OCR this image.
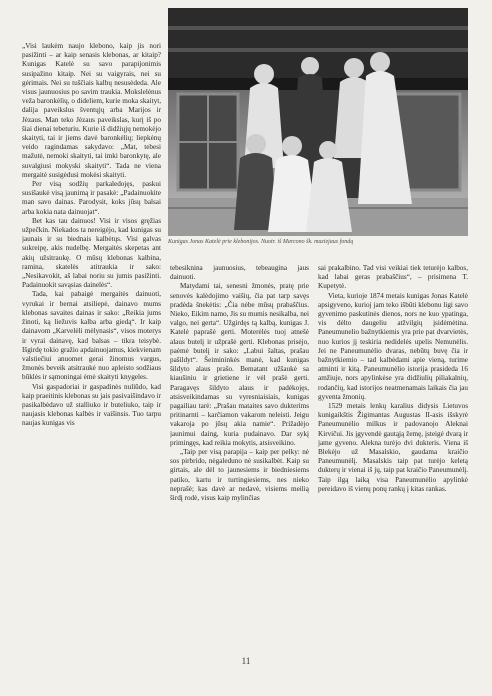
Kunigas Jonas Katelė prie klebonijos. Nuotr. iš Marcono šk. muziejaus fondų

„Visi laukėm naujo klebono, kaip jis nori pasižinti – ar kaip senasis klebonas, ar kitaip? Kunigas Katelė su savo parapijonimis susipažino kitaip. Nei su vaigyrais, nei su gėrimais. Nei su tuščiais kalbų nesusėdeda. Ale visus jaunuosius po savim traukia. Mokslelėnus veža baronkėlių, o dideliem, kurie moka skaityt, dalija paveikslus šventųjų arba Marijos ir Jėzaus. Man teko Jėzaus paveikslas, kurį iš po šiai dienai tebeturiu. Kurie iš didžiųjų nemokėjo skaityti, tai ir jiems davė baronkėlių; liepkėnų veido ragindamas sakydavo: „Mat, tebesi mažutė, nemoki skaityti, tai imki baronkytę, ale suvalgiusi mokyski skaityti“. Tada ne viena mergaitė susigėdusi mokėsi skaityti.

Per visą sodžių parkaledojęs, paskui susišaukė visą jaunimą ir pasakė: „Padainuokite man savo dainas. Parodysit, koks jūsų balsai arba kokia nata dainuojat“.

Bet kas tau dainuos! Visi ir visos gręžias užpečkin. Niekados ta nereigėjo, kad kunigas su jaunais ir su biednais kalbėtųs. Visi galvas sukreipę, akis nudelbę. Mergaitės skepetas ant akių užsitraukę. O mūsų klebonas kalbina, ramina, skatelės atitraukia ir sako: „Nesikavokit, aš labai noriu su jumis pasižinti. Padainuokit savąsias dainelės“.

Tada, kai pabaigė mergaitės dainuoti, vyrukai ir bernai atsiliepė, dainavo mums klebonas savaites dainas ir sako: „Reikia jums žinoti, ką liežuvis kalba arba giedą“. Ir kaip dainavom „Karvelėli mėlynasis“, visos moterys ir vyrai dainavę, kad balsas – tikra teisybė. Išgirdę tokio gražio apdainuojamus, kiekvienam valstiečiui anuomet gerai žinomus vargus, žmonės beveik atsitraukė nuo apleisto sodžiaus būklės ir sąmoningai ėmė skaityti knygeles.

Visi gaspadoriai ir gaspadinės nuliūdo, kad kaip praeitinis klebonas su jais pasivaišindavo ir pasikalbėdavo už stalliuko ir buteliuko, taip ir naujasis klebonas kalbės ir vaišinsis. Tuo tarpu naujas kunigas vis

tebesiknina jaunuosius, tebeaugina jaus dainuoti.

Matydami tai, senesni žmonės, pratę prie senovės kalėdojimo vaišių, čia pat tarp savęs pradėda šnekėtis: „Čia nėbe mūsų prabaščius. Nieko, Eikim namo, Jis su mumis nesikalba, nei valgo, nei gerta“. Užgirdęs tą kalbą, kunigas J. Katelė paprašė gerti. Moterėlės tuoj atnešė alaus butelį ir užprašė gerti. Klebonas prisėjo, paėmė butelį ir sako: „Labui šaltas, prašau pašildyt“. Šeimininkės manė, kad kunigas šildyto alaus prašo. Bematant užšaukė sa kiaušiniu ir grietiene ir vėl prašė gerti. Paragavęs šildyto alaus ir padėkojęs, atsisveikindamas su vyresniaisiais, kunigas pagailiau tarė: „Prašau mataites savo dukterims pritinarnti – karčiamon vakarom neleisti. Jeigu vakaroja po jūsų akia namie“. Prižadėjo jaunimui daing, kuria pudainavo. Dar sykį primingęs, kad reikia mokytis, atsisveikino.

„Taip per visą parapija – kaip per pelky: nė sos pirbrido, nėgaleduno nė susikalbėt. Kaip su girtais, ale dėl to jaunesiems ir biedniesiems patiko, kartu ir turtingiesiems, nes nieko neprašė; kas davė ar nedavė, visiems meilią širdį rodė, visus kaip mylinčias

sai prakalbino. Tad visi veikiai tiek teturėjo kalbos, kad labai geras prabaščius“, – prisimena T. Kupetytė.

Vieta, kurioje 1874 metais kunigas Jonas Katelė apsigyveno, kurioj jam teko išbūti klebonu ligi savo gyvenimo paskutinės dienos, nors ne kuo ypatinga, vis dėlto daugeliu atžvilgių įsidėmėtina. Paneumunelio bažnytkiemis yra prie pat dvarvietės, nuo kurios jį teskiria nedidelės upelis Nemunėlis. Jei ne Paneumunėlio dvaras, nebūtų buvę čia ir bažnytkiemio – tad kalbėdami apie vieną, turime atminti ir kitą. Paneumunėlio istorija prasideda 16 amžiuje, nors apylinkėse yra didžiulių piliakalnių, rodančių, kad istorijos neatmenamais laikais čia jau gyventa žmonių.

1529 metais lenkų karalius didysis Lietuvos kunigaikštis Žigimantas Augustas II-asis išskyrė Paneumunėlio milkus ir padovanojo Aleknai Kirvičui. Jis įgyvendė gautąją žemę, įsteigė dvarą ir jame gyveno. Alekna turėjo dvi dukteris. Viena iš Blekėjo už Masalskio, gaudama kraičio Paneumunėlį. Masalskis taip pat turėjo keletą dukterų ir vienai iš jų, taip pat kraičio Paneumunėlį. Taip ilgą laiką visa Paneumunėlio apylinkė pereidavo iš vienų ponų rankų į kitas rankas.

11
